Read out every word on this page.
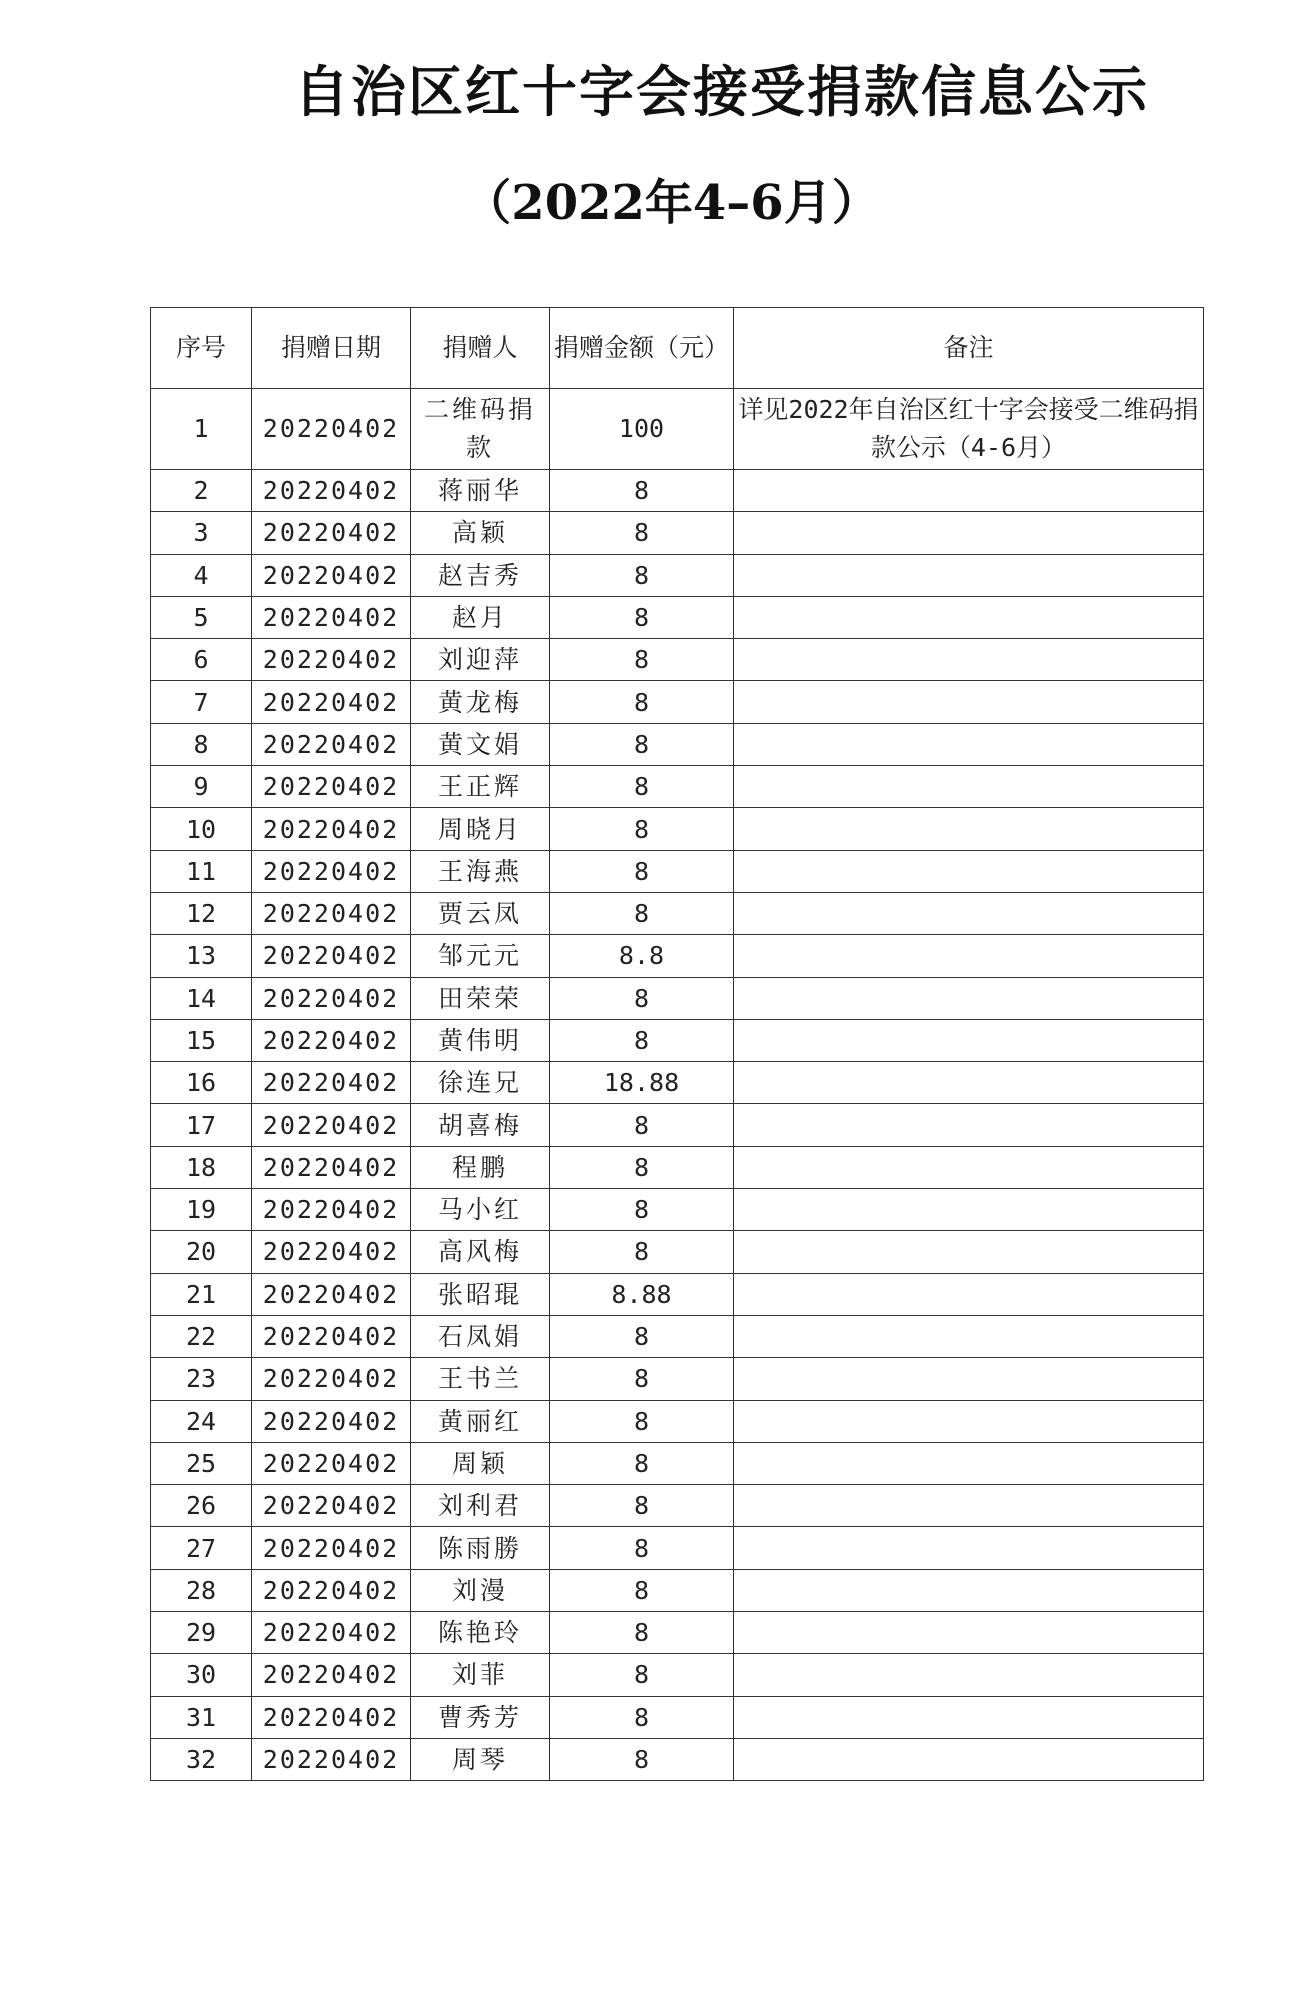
自治区红十字会接受捐款信息公示
（2022年4–6月）
序号	捐赠日期	捐赠人	捐赠金额（元）	备注
1	20220402	二维码捐款	100	详见2022年自治区红十字会接受二维码捐款公示（4-6月）
2	20220402	蒋丽华	8	
3	20220402	高颖	8	
4	20220402	赵吉秀	8	
5	20220402	赵月	8	
6	20220402	刘迎萍	8	
7	20220402	黄龙梅	8	
8	20220402	黄文娟	8	
9	20220402	王正辉	8	
10	20220402	周晓月	8	
11	20220402	王海燕	8	
12	20220402	贾云凤	8	
13	20220402	邹元元	8.8	
14	20220402	田荣荣	8	
15	20220402	黄伟明	8	
16	20220402	徐连兄	18.88	
17	20220402	胡喜梅	8	
18	20220402	程鹏	8	
19	20220402	马小红	8	
20	20220402	高风梅	8	
21	20220402	张昭琨	8.88	
22	20220402	石凤娟	8	
23	20220402	王书兰	8	
24	20220402	黄丽红	8	
25	20220402	周颖	8	
26	20220402	刘利君	8	
27	20220402	陈雨勝	8	
28	20220402	刘漫	8	
29	20220402	陈艳玲	8	
30	20220402	刘菲	8	
31	20220402	曹秀芳	8	
32	20220402	周琴	8	
